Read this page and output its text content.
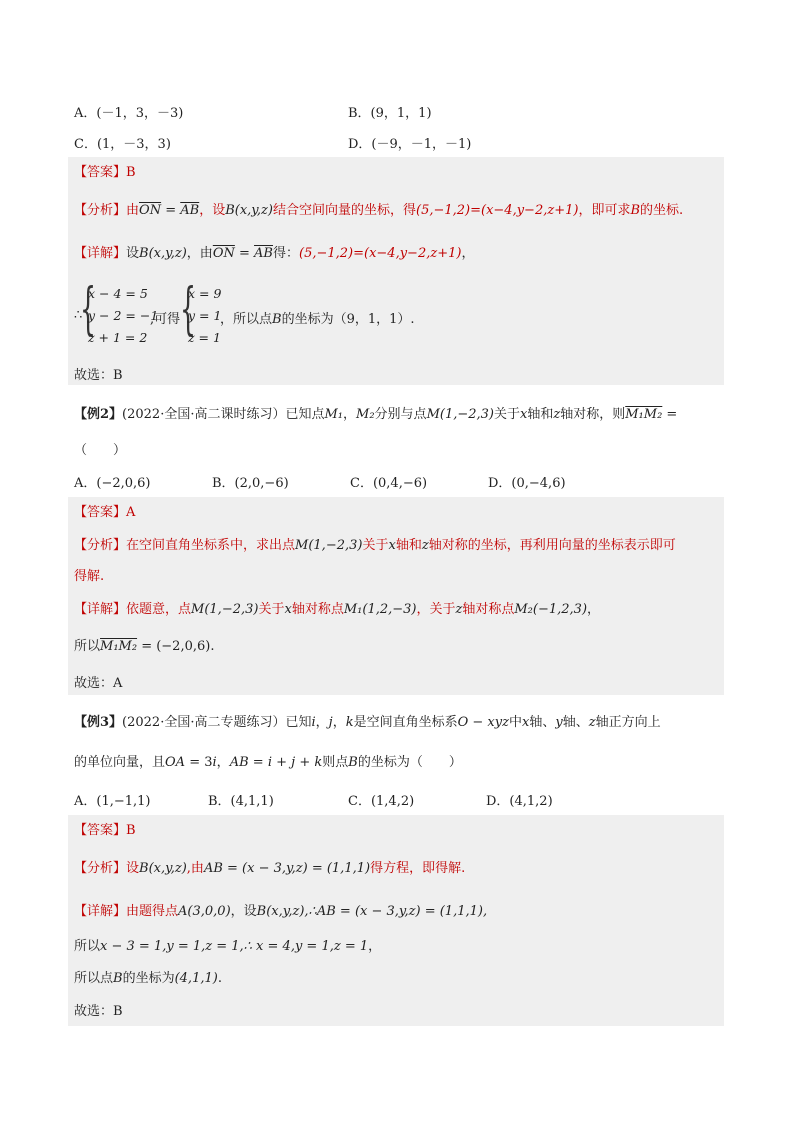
A．(－1，3，－3)	B．(9，1，1)
C．(1，－3，3)	D．(－9，－1，－1)
【答案】B
【分析】由$\overline{ON} = \overline{AB}$，设B(x,y,z)结合空间向量的坐标，得(5,−1,2)=(x−4,y−2,z+1)，即可求B的坐标.
【详解】设B(x,y,z)，由$\overline{ON} = \overline{AB}$得：(5,−1,2)=(x−4,y−2,z+1)，
∴
{
x − 4 = 5
y − 2 = −1
z + 1 = 2
,可得 {
x = 9
y = 1
z = 1
，所以点B的坐标为（9，1，1）.
故选：B
【例2】(2022·全国·高二课时练习）已知点M₁，M₂分别与点M(1,−2,3)关于x轴和z轴对称，则M₁M₂ =
（　　）
A．(−2,0,6)	B．(2,0,−6)	C．(0,4,−6)	D．(0,−4,6)
【答案】A
【分析】在空间直角坐标系中，求出点M(1,−2,3)关于x轴和z轴对称的坐标，再利用向量的坐标表示即可
得解.
【详解】依题意，点M(1,−2,3)关于x轴对称点M₁(1,2,−3)，关于z轴对称点M₂(−1,2,3)，
所以M₁M₂ = (−2,0,6).
故选：A
【例3】(2022·全国·高二专题练习）已知i，j，k是空间直角坐标系O − xyz中x轴、y轴、z轴正方向上
的单位向量，且OA = 3i，AB = i + j + k则点B的坐标为（　　）
A．(1,−1,1)	B．(4,1,1)	C．(1,4,2)	D．(4,1,2)
【答案】B
【分析】设B(x,y,z),由AB = (x − 3,y,z) = (1,1,1)得方程，即得解.
【详解】由题得点A(3,0,0)，设B(x,y,z),∴AB = (x − 3,y,z) = (1,1,1),
所以x − 3 = 1,y = 1,z = 1,∴ x = 4,y = 1,z = 1，
所以点B的坐标为(4,1,1).
故选：B
